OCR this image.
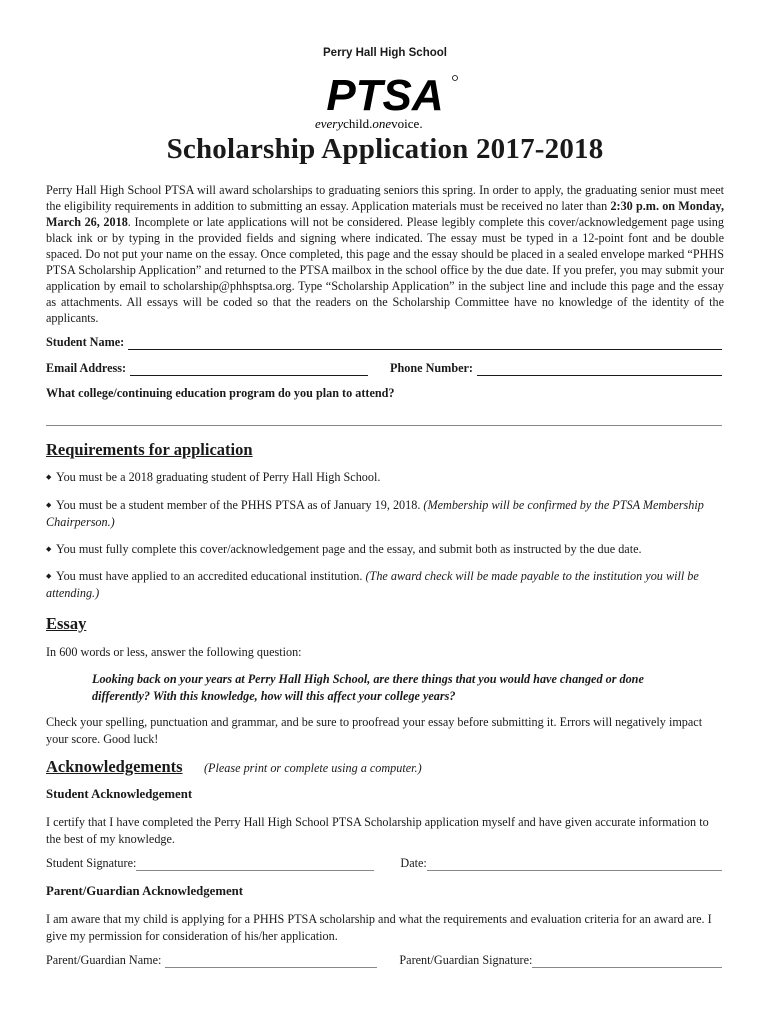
Perry Hall High School
PTSA
everychild.onevoice.
Scholarship Application 2017-2018
Perry Hall High School PTSA will award scholarships to graduating seniors this spring. In order to apply, the graduating senior must meet the eligibility requirements in addition to submitting an essay. Application materials must be received no later than 2:30 p.m. on Monday, March 26, 2018. Incomplete or late applications will not be considered. Please legibly complete this cover/acknowledgement page using black ink or by typing in the provided fields and signing where indicated. The essay must be typed in a 12-point font and be double spaced. Do not put your name on the essay. Once completed, this page and the essay should be placed in a sealed envelope marked “PHHS PTSA Scholarship Application” and returned to the PTSA mailbox in the school office by the due date. If you prefer, you may submit your application by email to scholarship@phhsptsa.org. Type “Scholarship Application” in the subject line and include this page and the essay as attachments. All essays will be coded so that the readers on the Scholarship Committee have no knowledge of the identity of the applicants.
Student Name:
Email Address:	Phone Number:
What college/continuing education program do you plan to attend?
Requirements for application
◆ You must be a 2018 graduating student of Perry Hall High School.
◆ You must be a student member of the PHHS PTSA as of January 19, 2018. (Membership will be confirmed by the PTSA Membership Chairperson.)
◆ You must fully complete this cover/acknowledgement page and the essay, and submit both as instructed by the due date.
◆ You must have applied to an accredited educational institution. (The award check will be made payable to the institution you will be attending.)
Essay
In 600 words or less, answer the following question:
Looking back on your years at Perry Hall High School, are there things that you would have changed or done differently? With this knowledge, how will this affect your college years?
Check your spelling, punctuation and grammar, and be sure to proofread your essay before submitting it. Errors will negatively impact your score. Good luck!
Acknowledgements (Please print or complete using a computer.)
Student Acknowledgement
I certify that I have completed the Perry Hall High School PTSA Scholarship application myself and have given accurate information to the best of my knowledge.
Student Signature:	Date:
Parent/Guardian Acknowledgement
I am aware that my child is applying for a PHHS PTSA scholarship and what the requirements and evaluation criteria for an award are. I give my permission for consideration of his/her application.
Parent/Guardian Name:	Parent/Guardian Signature:
